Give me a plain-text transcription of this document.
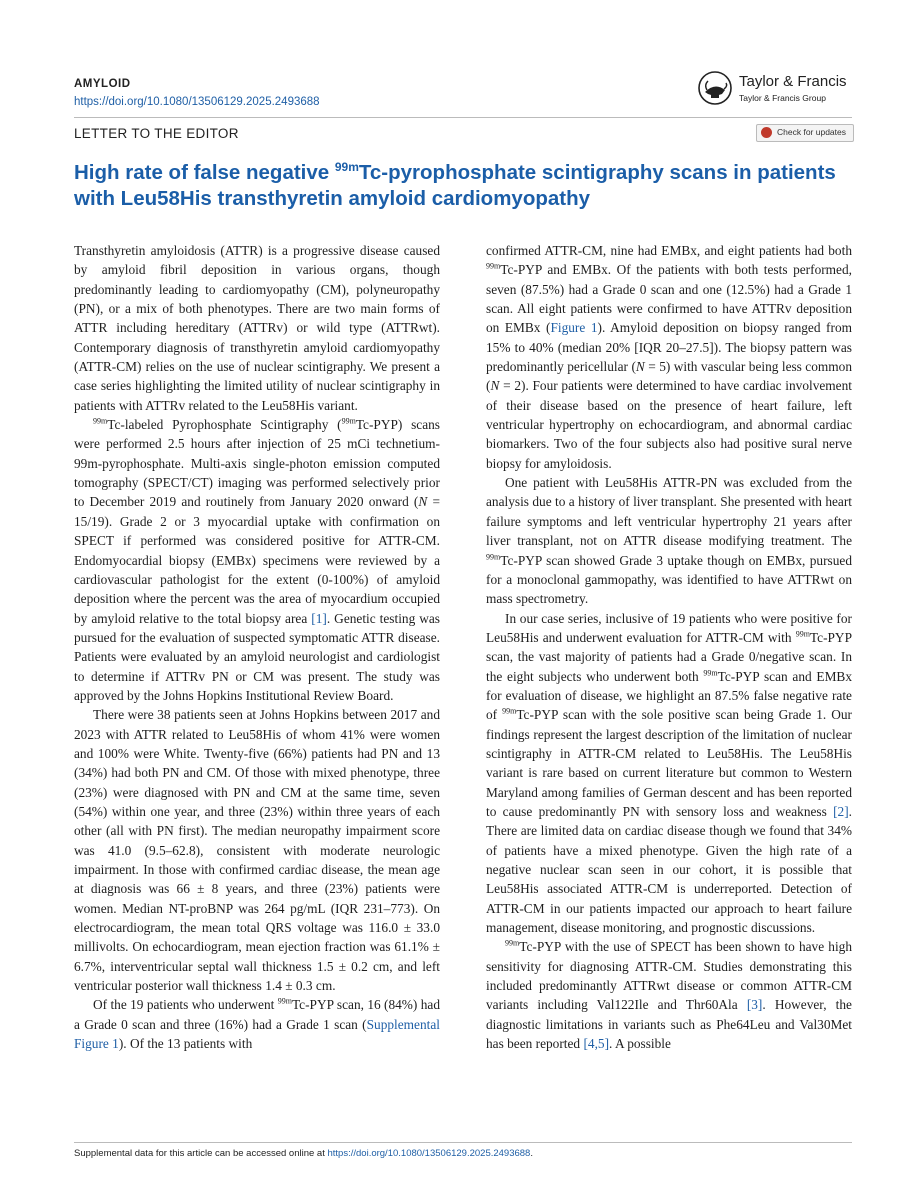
AMYLOID
https://doi.org/10.1080/13506129.2025.2493688
Taylor & Francis
Taylor & Francis Group
LETTER TO THE EDITOR	Check for updates
High rate of false negative $^{99m}$Tc-pyrophosphate scintigraphy scans in patients with Leu58His transthyretin amyloid cardiomyopathy

Transthyretin amyloidosis (ATTR) is a progressive disease caused by amyloid fibril deposition in various organs, though predominantly leading to cardiomyopathy (CM), polyneuropathy (PN), or a mix of both phenotypes. There are two main forms of ATTR including hereditary (ATTRv) or wild type (ATTRwt). Contemporary diagnosis of transthyretin amyloid cardiomyopathy (ATTR-CM) relies on the use of nuclear scintigraphy. We present a case series highlighting the limited utility of nuclear scintigraphy in patients with ATTRv related to the Leu58His variant.

$^{99m}$Tc-labeled Pyrophosphate Scintigraphy ($^{99m}$Tc-PYP) scans were performed 2.5 hours after injection of 25 mCi technetium-99m-pyrophosphate. Multi-axis single-photon emission computed tomography (SPECT/CT) imaging was performed selectively prior to December 2019 and routinely from January 2020 onward (N = 15/19). Grade 2 or 3 myocardial uptake with confirmation on SPECT if performed was considered positive for ATTR-CM. Endomyocardial biopsy (EMBx) specimens were reviewed by a cardiovascular pathologist for the extent (0-100%) of amyloid deposition where the percent was the area of myocardium occupied by amyloid relative to the total biopsy area [1]. Genetic testing was pursued for the evaluation of suspected symptomatic ATTR disease. Patients were evaluated by an amyloid neurologist and cardiologist to determine if ATTRv PN or CM was present. The study was approved by the Johns Hopkins Institutional Review Board.

There were 38 patients seen at Johns Hopkins between 2017 and 2023 with ATTR related to Leu58His of whom 41% were women and 100% were White. Twenty-five (66%) patients had PN and 13 (34%) had both PN and CM. Of those with mixed phenotype, three (23%) were diagnosed with PN and CM at the same time, seven (54%) within one year, and three (23%) within three years of each other (all with PN first). The median neuropathy impairment score was 41.0 (9.5–62.8), consistent with moderate neurologic impairment. In those with confirmed cardiac disease, the mean age at diagnosis was 66 ± 8 years, and three (23%) patients were women. Median NT-proBNP was 264 pg/mL (IQR 231–773). On electrocardiogram, the mean total QRS voltage was 116.0 ± 33.0 millivolts. On echocardiogram, mean ejection fraction was 61.1% ± 6.7%, interventricular septal wall thickness 1.5 ± 0.2 cm, and left ventricular posterior wall thickness 1.4 ± 0.3 cm.

Of the 19 patients who underwent $^{99m}$Tc-PYP scan, 16 (84%) had a Grade 0 scan and three (16%) had a Grade 1 scan (Supplemental Figure 1). Of the 13 patients with

confirmed ATTR-CM, nine had EMBx, and eight patients had both $^{99m}$Tc-PYP and EMBx. Of the patients with both tests performed, seven (87.5%) had a Grade 0 scan and one (12.5%) had a Grade 1 scan. All eight patients were confirmed to have ATTRv deposition on EMBx (Figure 1). Amyloid deposition on biopsy ranged from 15% to 40% (median 20% [IQR 20–27.5]). The biopsy pattern was predominantly pericellular (N = 5) with vascular being less common (N = 2). Four patients were determined to have cardiac involvement of their disease based on the presence of heart failure, left ventricular hypertrophy on echocardiogram, and abnormal cardiac biomarkers. Two of the four subjects also had positive sural nerve biopsy for amyloidosis.

One patient with Leu58His ATTR-PN was excluded from the analysis due to a history of liver transplant. She presented with heart failure symptoms and left ventricular hypertrophy 21 years after liver transplant, not on ATTR disease modifying treatment. The $^{99m}$Tc-PYP scan showed Grade 3 uptake though on EMBx, pursued for a monoclonal gammopathy, was identified to have ATTRwt on mass spectrometry.

In our case series, inclusive of 19 patients who were positive for Leu58His and underwent evaluation for ATTR-CM with $^{99m}$Tc-PYP scan, the vast majority of patients had a Grade 0/negative scan. In the eight subjects who underwent both $^{99m}$Tc-PYP scan and EMBx for evaluation of disease, we highlight an 87.5% false negative rate of $^{99m}$Tc-PYP scan with the sole positive scan being Grade 1. Our findings represent the largest description of the limitation of nuclear scintigraphy in ATTR-CM related to Leu58His. The Leu58His variant is rare based on current literature but common to Western Maryland among families of German descent and has been reported to cause predominantly PN with sensory loss and weakness [2]. There are limited data on cardiac disease though we found that 34% of patients have a mixed phenotype. Given the high rate of a negative nuclear scan seen in our cohort, it is possible that Leu58His associated ATTR-CM is underreported. Detection of ATTR-CM in our patients impacted our approach to heart failure management, disease monitoring, and prognostic discussions.

$^{99m}$Tc-PYP with the use of SPECT has been shown to have high sensitivity for diagnosing ATTR-CM. Studies demonstrating this included predominantly ATTRwt disease or common ATTR-CM variants including Val122Ile and Thr60Ala [3]. However, the diagnostic limitations in variants such as Phe64Leu and Val30Met has been reported [4,5]. A possible

Supplemental data for this article can be accessed online at https://doi.org/10.1080/13506129.2025.2493688.
